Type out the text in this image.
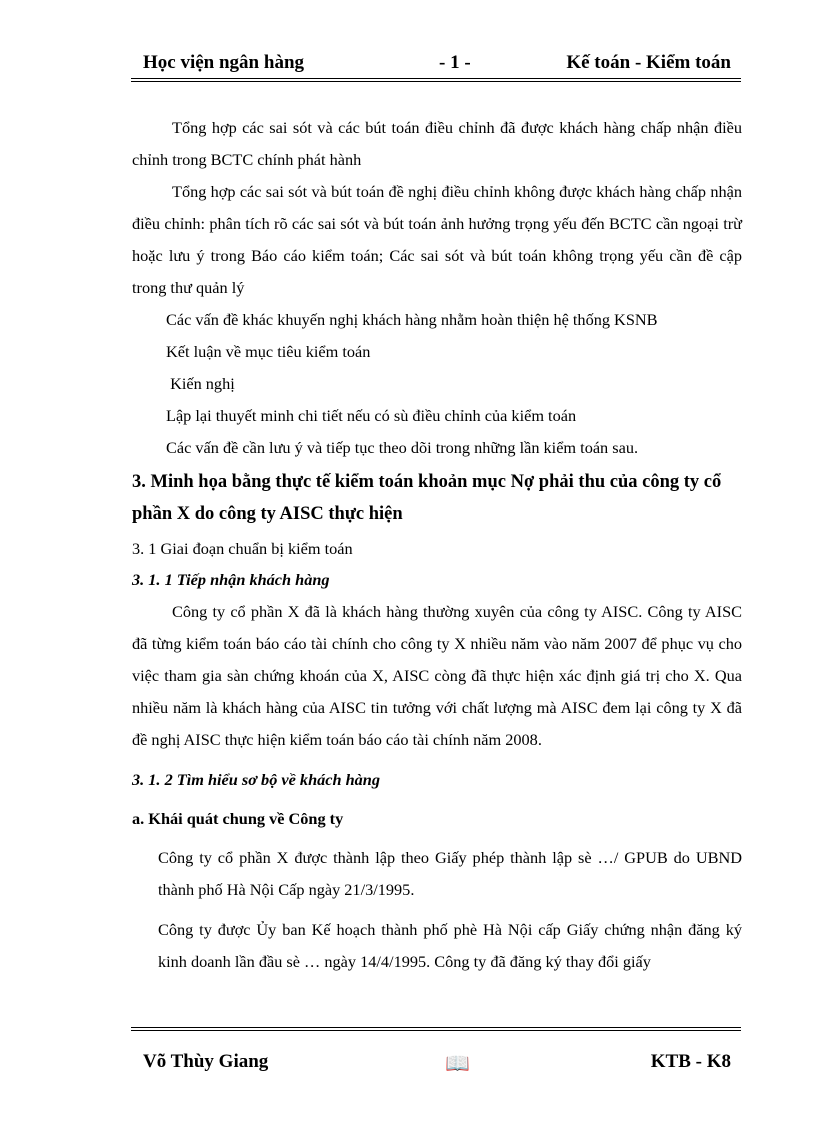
Học viện ngân hàng	- 1 -	Kế toán - Kiểm toán

Tổng hợp các sai sót và các bút toán điều chỉnh đã được khách hàng chấp nhận điều chỉnh trong BCTC chính phát hành

Tổng hợp các sai sót và bút toán đề nghị điều chỉnh không được khách hàng chấp nhận điều chỉnh: phân tích rõ các sai sót và bút toán ảnh hưởng trọng yếu đến BCTC cần ngoại trừ hoặc lưu ý trong Báo cáo kiểm toán; Các sai sót và bút toán không trọng yếu cần đề cập trong thư quản lý

Các vấn đề khác khuyến nghị khách hàng nhằm hoàn thiện hệ thống KSNB

Kết luận về mục tiêu kiểm toán

Kiến nghị

Lập lại thuyết minh chi tiết nếu có sù điều chỉnh của kiểm toán

Các vấn đề cần lưu ý và tiếp tục theo dõi trong những lần kiểm toán sau.

3. Minh họa bằng thực tế kiểm toán khoản mục Nợ phải thu của công ty cổ phần X do công ty AISC thực hiện

3. 1 Giai đoạn chuẩn bị kiểm toán

3. 1. 1 Tiếp nhận khách hàng

Công ty cổ phần X đã là khách hàng thường xuyên của công ty AISC. Công ty AISC đã từng kiểm toán báo cáo tài chính cho công ty X nhiều năm vào năm 2007 để phục vụ cho việc tham gia sàn chứng khoán của X, AISC còng đã thực hiện xác định giá trị cho X. Qua nhiều năm là khách hàng của AISC tin tưởng với chất lượng mà AISC đem lại công ty X đã đề nghị AISC thực hiện kiểm toán báo cáo tài chính năm 2008.

3. 1. 2 Tìm hiểu sơ bộ về khách hàng

a. Khái quát chung về Công ty

Công ty cổ phần X được thành lập theo Giấy phép thành lập sè …/ GPUB do UBND thành phố Hà Nội Cấp ngày 21/3/1995.

Công ty được Ủy ban Kế hoạch thành phố phè Hà Nội cấp Giấy chứng nhận đăng ký kinh doanh lần đầu sè … ngày 14/4/1995. Công ty đã đăng ký thay đổi giấy

Võ Thùy Giang	📖	KTB - K8
